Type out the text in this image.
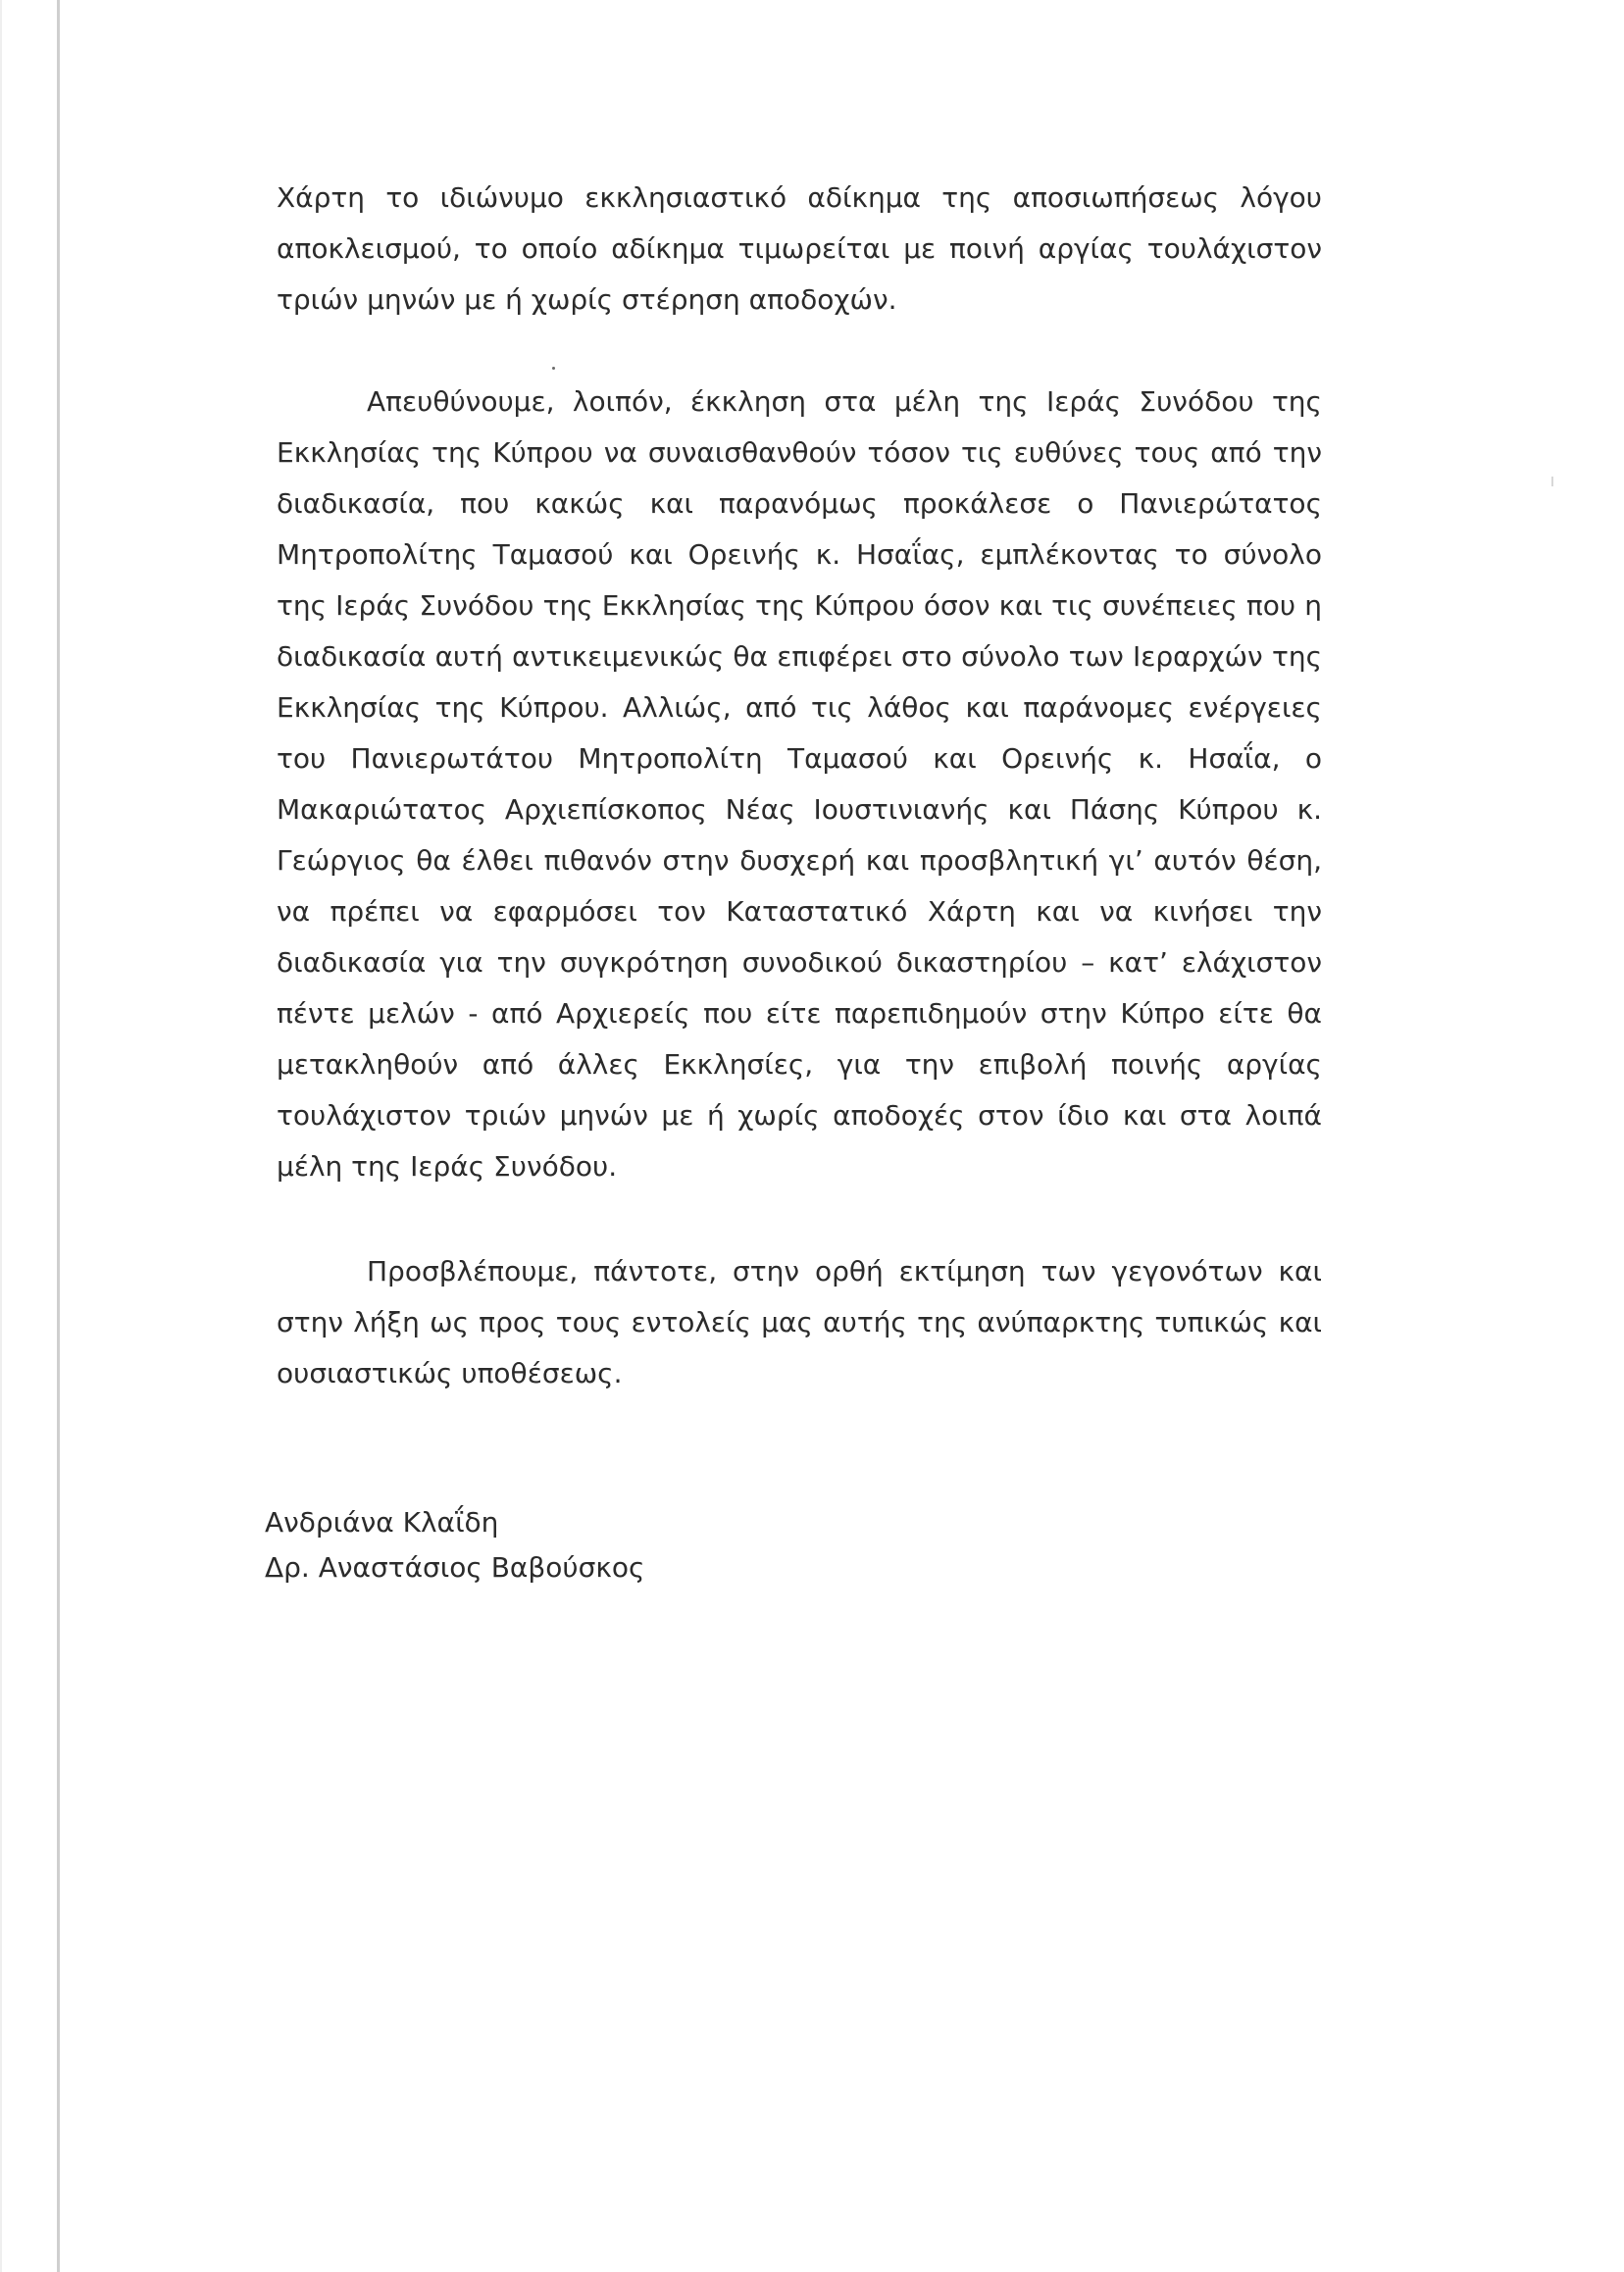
Χάρτη το ιδιώνυμο εκκλησιαστικό αδίκημα της αποσιωπήσεως λόγου αποκλεισμού, το οποίο αδίκημα τιμωρείται με ποινή αργίας τουλάχιστον τριών μηνών με ή χωρίς στέρηση αποδοχών.

Απευθύνουμε, λοιπόν, έκκληση στα μέλη της Ιεράς Συνόδου της Εκκλησίας της Κύπρου να συναισθανθούν τόσον τις ευθύνες τους από την διαδικασία, που κακώς και παρανόμως προκάλεσε ο Πανιερώτατος Μητροπολίτης Ταμασού και Ορεινής κ. Ησαΐας, εμπλέκοντας το σύνολο της Ιεράς Συνόδου της Εκκλησίας της Κύπρου όσον και τις συνέπειες που η διαδικασία αυτή αντικειμενικώς θα επιφέρει στο σύνολο των Ιεραρχών της Εκκλησίας της Κύπρου. Αλλιώς, από τις λάθος και παράνομες ενέργειες του Πανιερωτάτου Μητροπολίτη Ταμασού και Ορεινής κ. Ησαΐα, ο Μακαριώτατος Αρχιεπίσκοπος Νέας Ιουστινιανής και Πάσης Κύπρου κ. Γεώργιος θα έλθει πιθανόν στην δυσχερή και προσβλητική γι’ αυτόν θέση, να πρέπει να εφαρμόσει τον Καταστατικό Χάρτη και να κινήσει την διαδικασία για την συγκρότηση συνοδικού δικαστηρίου – κατ’ ελάχιστον πέντε μελών - από Αρχιερείς που είτε παρεπιδημούν στην Κύπρο είτε θα μετακληθούν από άλλες Εκκλησίες, για την επιβολή ποινής αργίας τουλάχιστον τριών μηνών με ή χωρίς αποδοχές στον ίδιο και στα λοιπά μέλη της Ιεράς Συνόδου.

Προσβλέπουμε, πάντοτε, στην ορθή εκτίμηση των γεγονότων και στην λήξη ως προς τους εντολείς μας αυτής της ανύπαρκτης τυπικώς και ουσιαστικώς υποθέσεως.

Ανδριάνα Κλαΐδη
Δρ. Αναστάσιος Βαβούσκος
